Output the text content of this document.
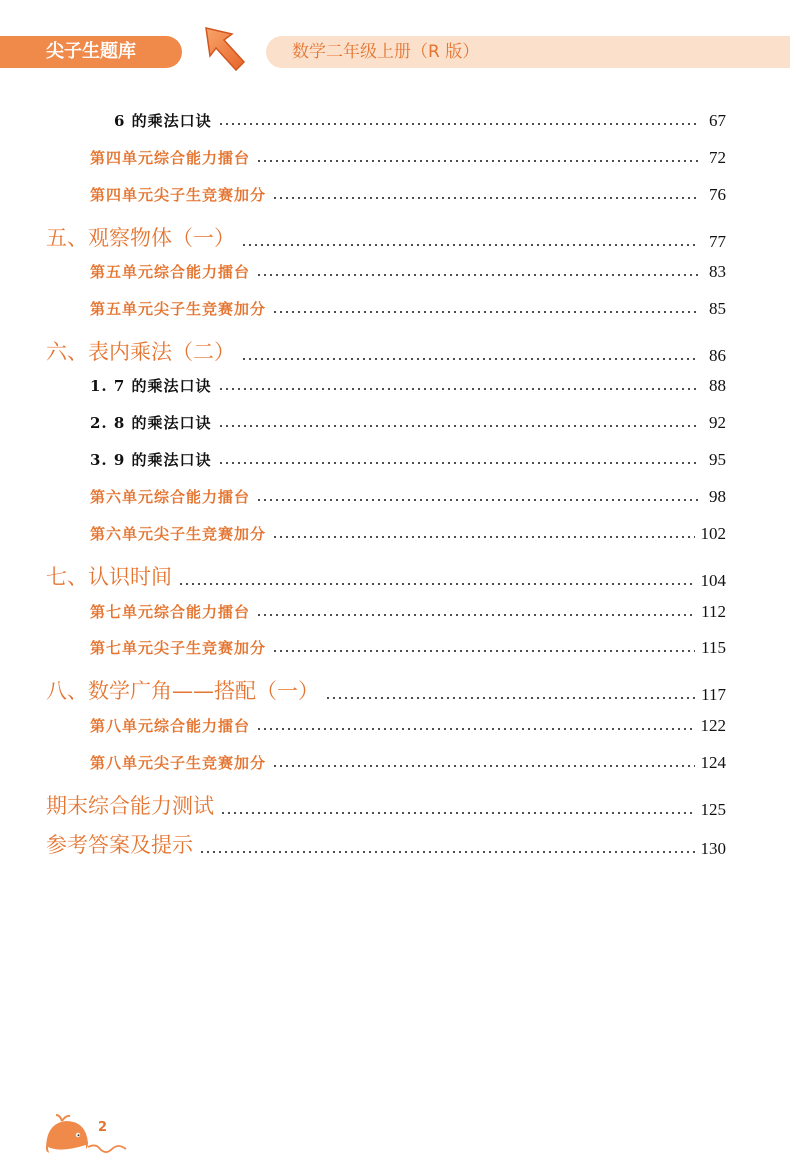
尖子生题库	数学二年级上册（R 版）
6 的乘法口诀	67
第四单元综合能力擂台	72
第四单元尖子生竞赛加分	76
五、观察物体（一）	77
第五单元综合能力擂台	83
第五单元尖子生竞赛加分	85
六、表内乘法（二）	86
1. 7 的乘法口诀	88
2. 8 的乘法口诀	92
3. 9 的乘法口诀	95
第六单元综合能力擂台	98
第六单元尖子生竞赛加分	102
七、认识时间	104
第七单元综合能力擂台	112
第七单元尖子生竞赛加分	115
八、数学广角——搭配（一）	117
第八单元综合能力擂台	122
第八单元尖子生竞赛加分	124
期末综合能力测试	125
参考答案及提示	130
2
